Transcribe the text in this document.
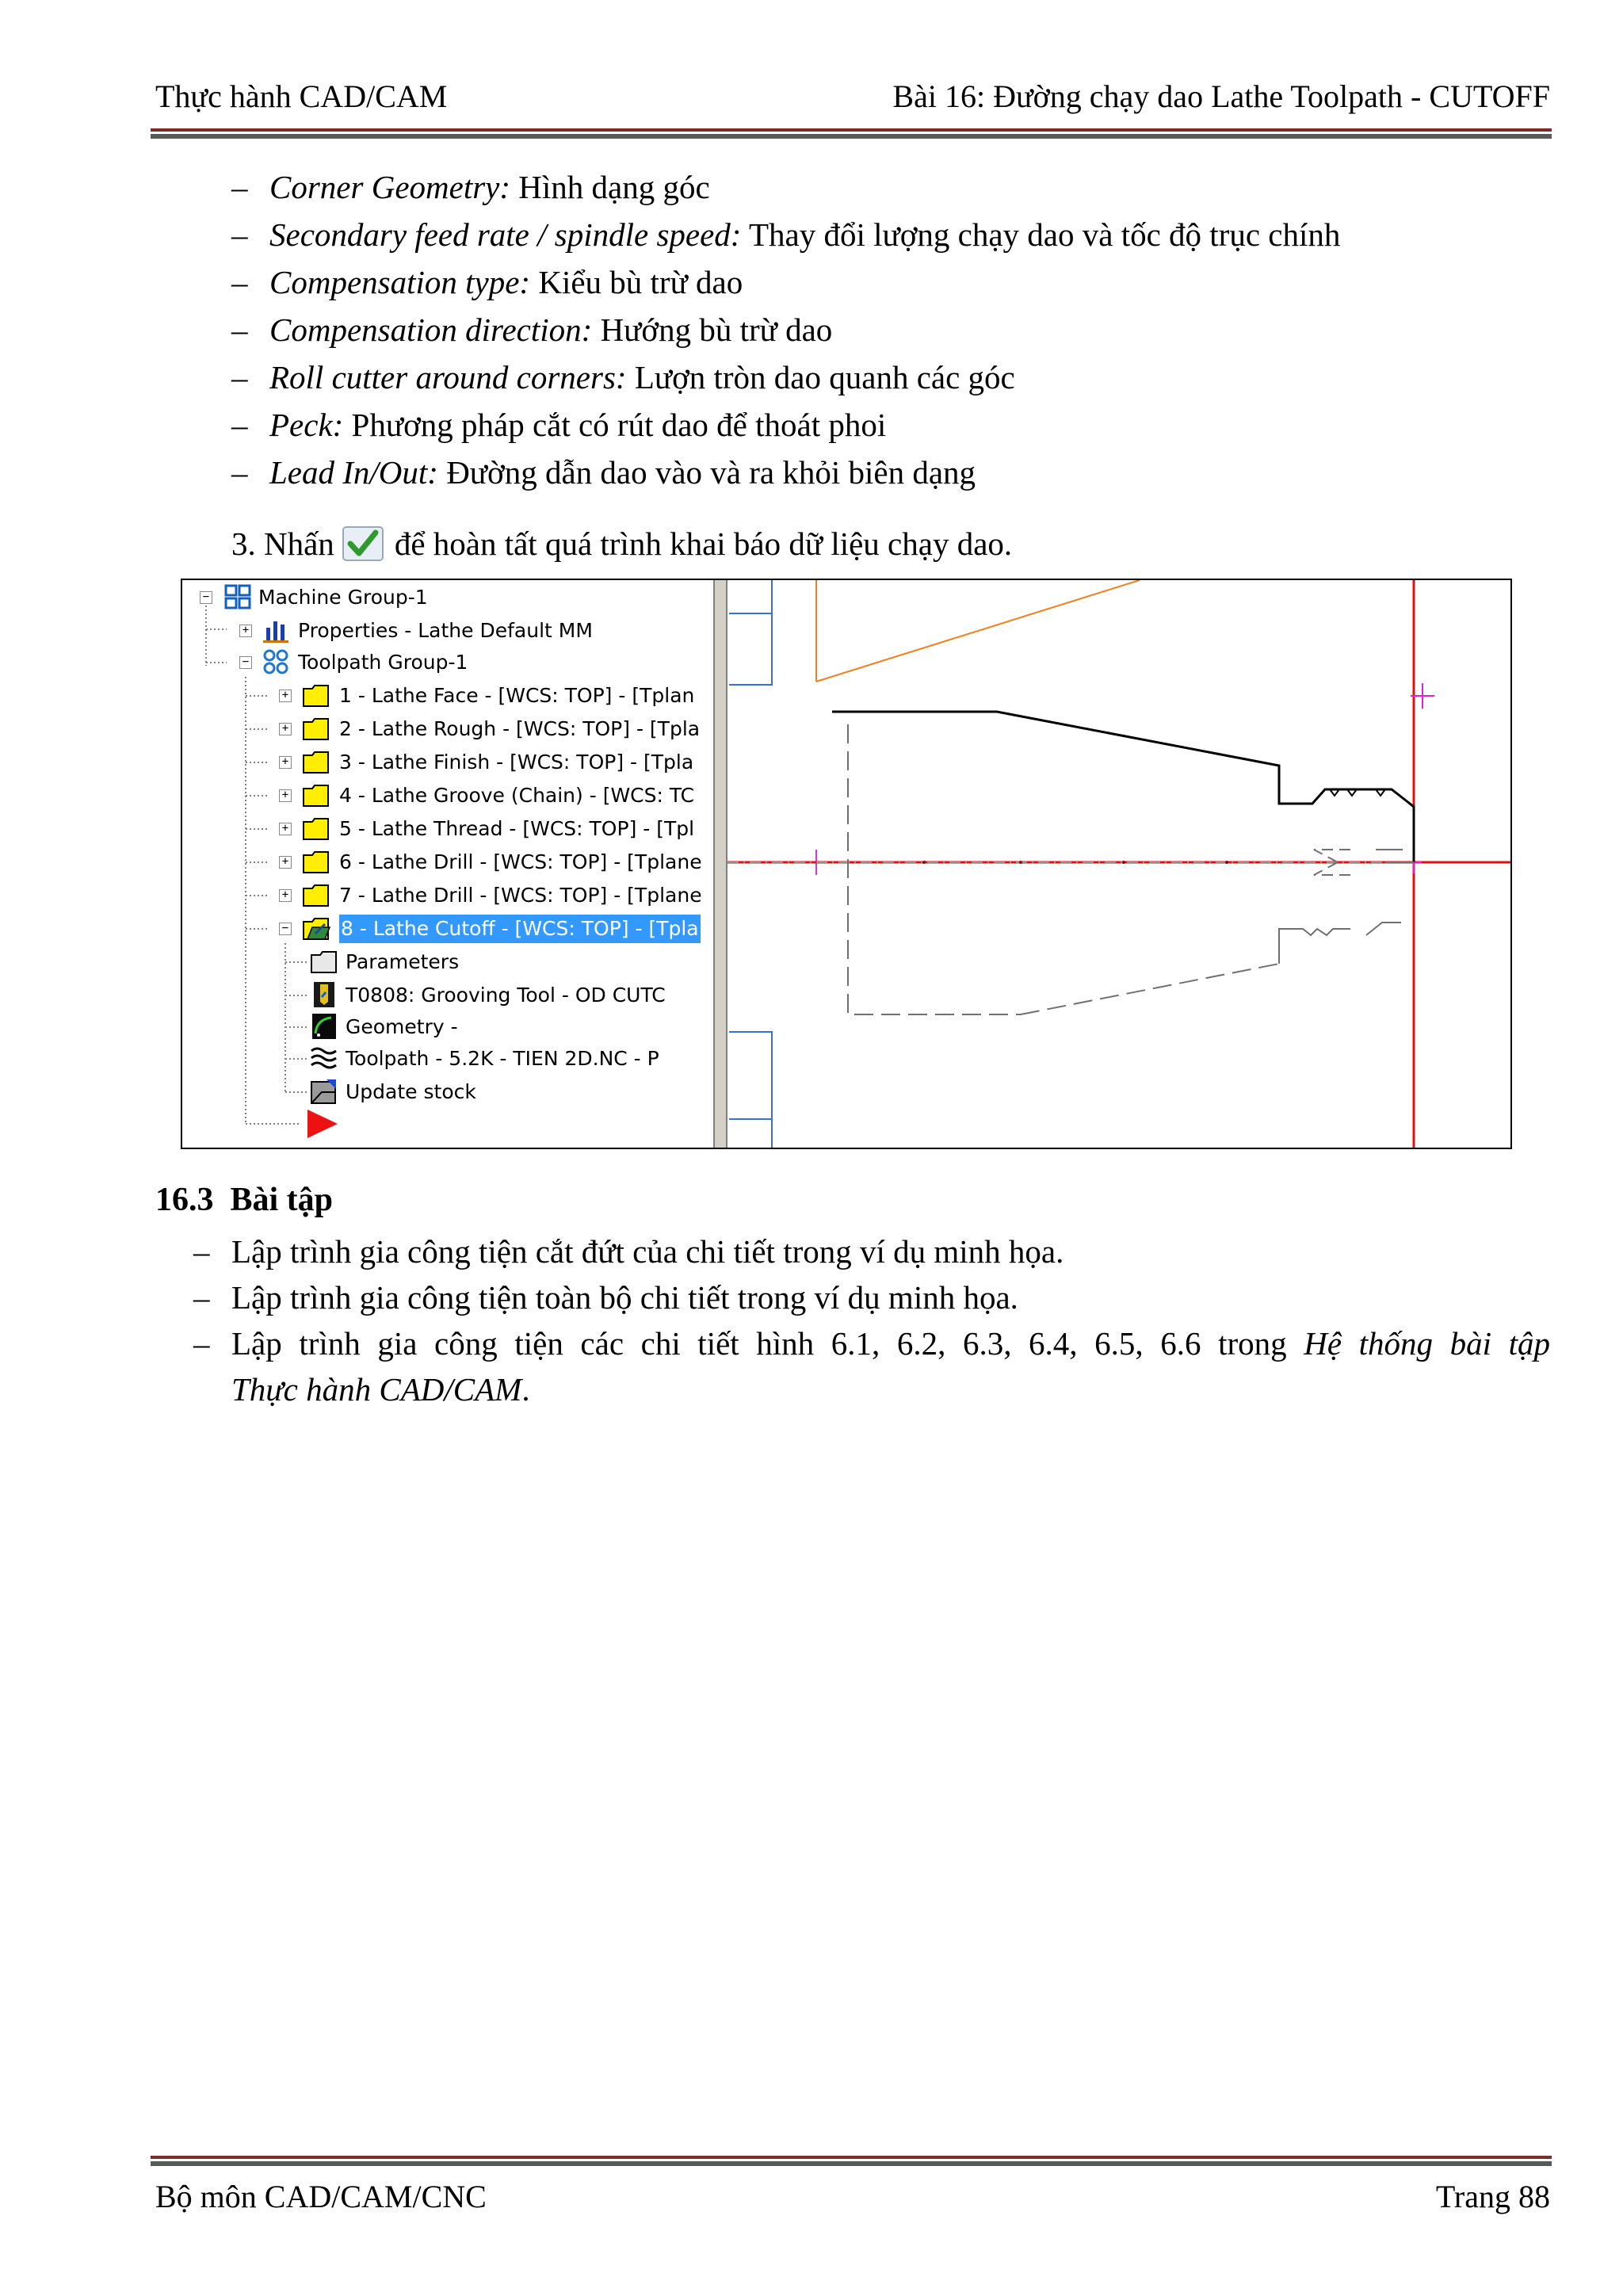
Thực hành CAD/CAM	Bài 16: Đường chạy dao Lathe Toolpath - CUTOFF
– Corner Geometry: Hình dạng góc
– Secondary feed rate / spindle speed: Thay đổi lượng chạy dao và tốc độ trục chính
– Compensation type: Kiểu bù trừ dao
– Compensation direction: Hướng bù trừ dao
– Roll cutter around corners: Lượn tròn dao quanh các góc
– Peck: Phương pháp cắt có rút dao để thoát phoi
– Lead In/Out: Đường dẫn dao vào và ra khỏi biên dạng
3. Nhấn để hoàn tất quá trình khai báo dữ liệu chạy dao.
− Machine Group-1
+ Properties - Lathe Default MM
− Toolpath Group-1
+	1 - Lathe Face - [WCS: TOP] - [Tplan
+	2 - Lathe Rough - [WCS: TOP] - [Tpla
+	3 - Lathe Finish - [WCS: TOP] - [Tpla
+	4 - Lathe Groove (Chain) - [WCS: TC
+	5 - Lathe Thread - [WCS: TOP] - [Tpl
+	6 - Lathe Drill - [WCS: TOP] - [Tplane
+	7 - Lathe Drill - [WCS: TOP] - [Tplane
−	8 - Lathe Cutoff - [WCS: TOP] - [Tpla
Parameters
T0808: Grooving Tool - OD CUTC
Geometry -
Toolpath - 5.2K - TIEN 2D.NC - P
Update stock
16.3 Bài tập
– Lập trình gia công tiện cắt đứt của chi tiết trong ví dụ minh họa.
– Lập trình gia công tiện toàn bộ chi tiết trong ví dụ minh họa.
– Lập trình gia công tiện các chi tiết hình 6.1, 6.2, 6.3, 6.4, 6.5, 6.6 trong Hệ thống bài tập
Thực hành CAD/CAM.
Bộ môn CAD/CAM/CNC	Trang 88
